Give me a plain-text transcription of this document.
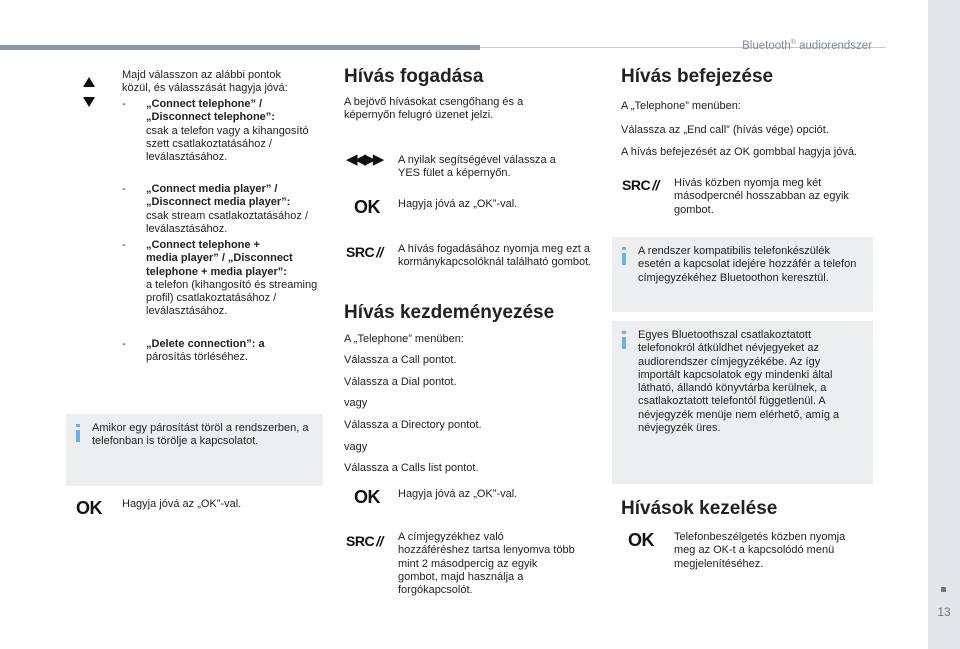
Bluetooth® audiorendszer
13
Majd válasszon az alábbi pontok közül, és válasszását hagyja jóvá:
- „Connect telephone” /
„Disconnect telephone”:
csak a telefon vagy a kihangosító szett csatlakoztatásához / leválasztásához.
- „Connect media player” /
„Disconnect media player”:
csak stream csatlakoztatásához / leválasztásához.
- „Connect telephone +
media player” / „Disconnect
telephone + media player”:
a telefon (kihangosító és streaming profil) csatlakoztatásához / leválasztásához.
- „Delete connection”: a
párosítás törléséhez.
Amikor egy párosítást töröl a rendszerben, a telefonban is törölje a kapcsolatot.
OK Hagyja jóvá az „OK”-val.
Hívás fogadása
A bejövő hívásokat csengőhang és a képernyőn felugró üzenet jelzi.
◀◀ ▶▶ A nyilak segítségével válassza a
YES fület a képernyőn.
OK Hagyja jóvá az „OK”-val.
SRC // A hívás fogadásához nyomja meg ezt a kormánykapcsolóknál található gombot.
Hívás kezdeményezése
A „Telephone” menüben:
Válassza a Call pontot.
Válassza a Dial pontot.
vagy
Válassza a Directory pontot.
vagy
Válassza a Calls list pontot.
OK Hagyja jóvá az „OK”-val.
SRC // A címjegyzékhez való hozzáféréshez tartsa lenyomva több mint 2 másodpercig az egyik gombot, majd használja a forgókapcsolót.
Hívás befejezése
A „Telephone” menüben:
Válassza az „End call” (hívás vége) opciót.
A hívás befejezését az OK gombbal hagyja jóvá.
SRC // Hívás közben nyomja meg két másodpercnél hosszabban az egyik gombot.
A rendszer kompatibilis telefonkészülék esetén a kapcsolat idejére hozzáfér a telefon címjegyzékéhez Bluetoothon keresztül.
Egyes Bluetoothszal csatlakoztatott telefonokról átküldhet névjegyeket az audiorendszer címjegyzékébe. Az így importált kapcsolatok egy mindenki által látható, állandó könyvtárba kerülnek, a csatlakoztatott telefontól függetlenül. A névjegyzék menüje nem elérhető, amíg a névjegyzék üres.
Hívások kezelése
OK Telefonbeszélgetés közben nyomja meg az OK-t a kapcsolódó menü megjelenítéséhez.
